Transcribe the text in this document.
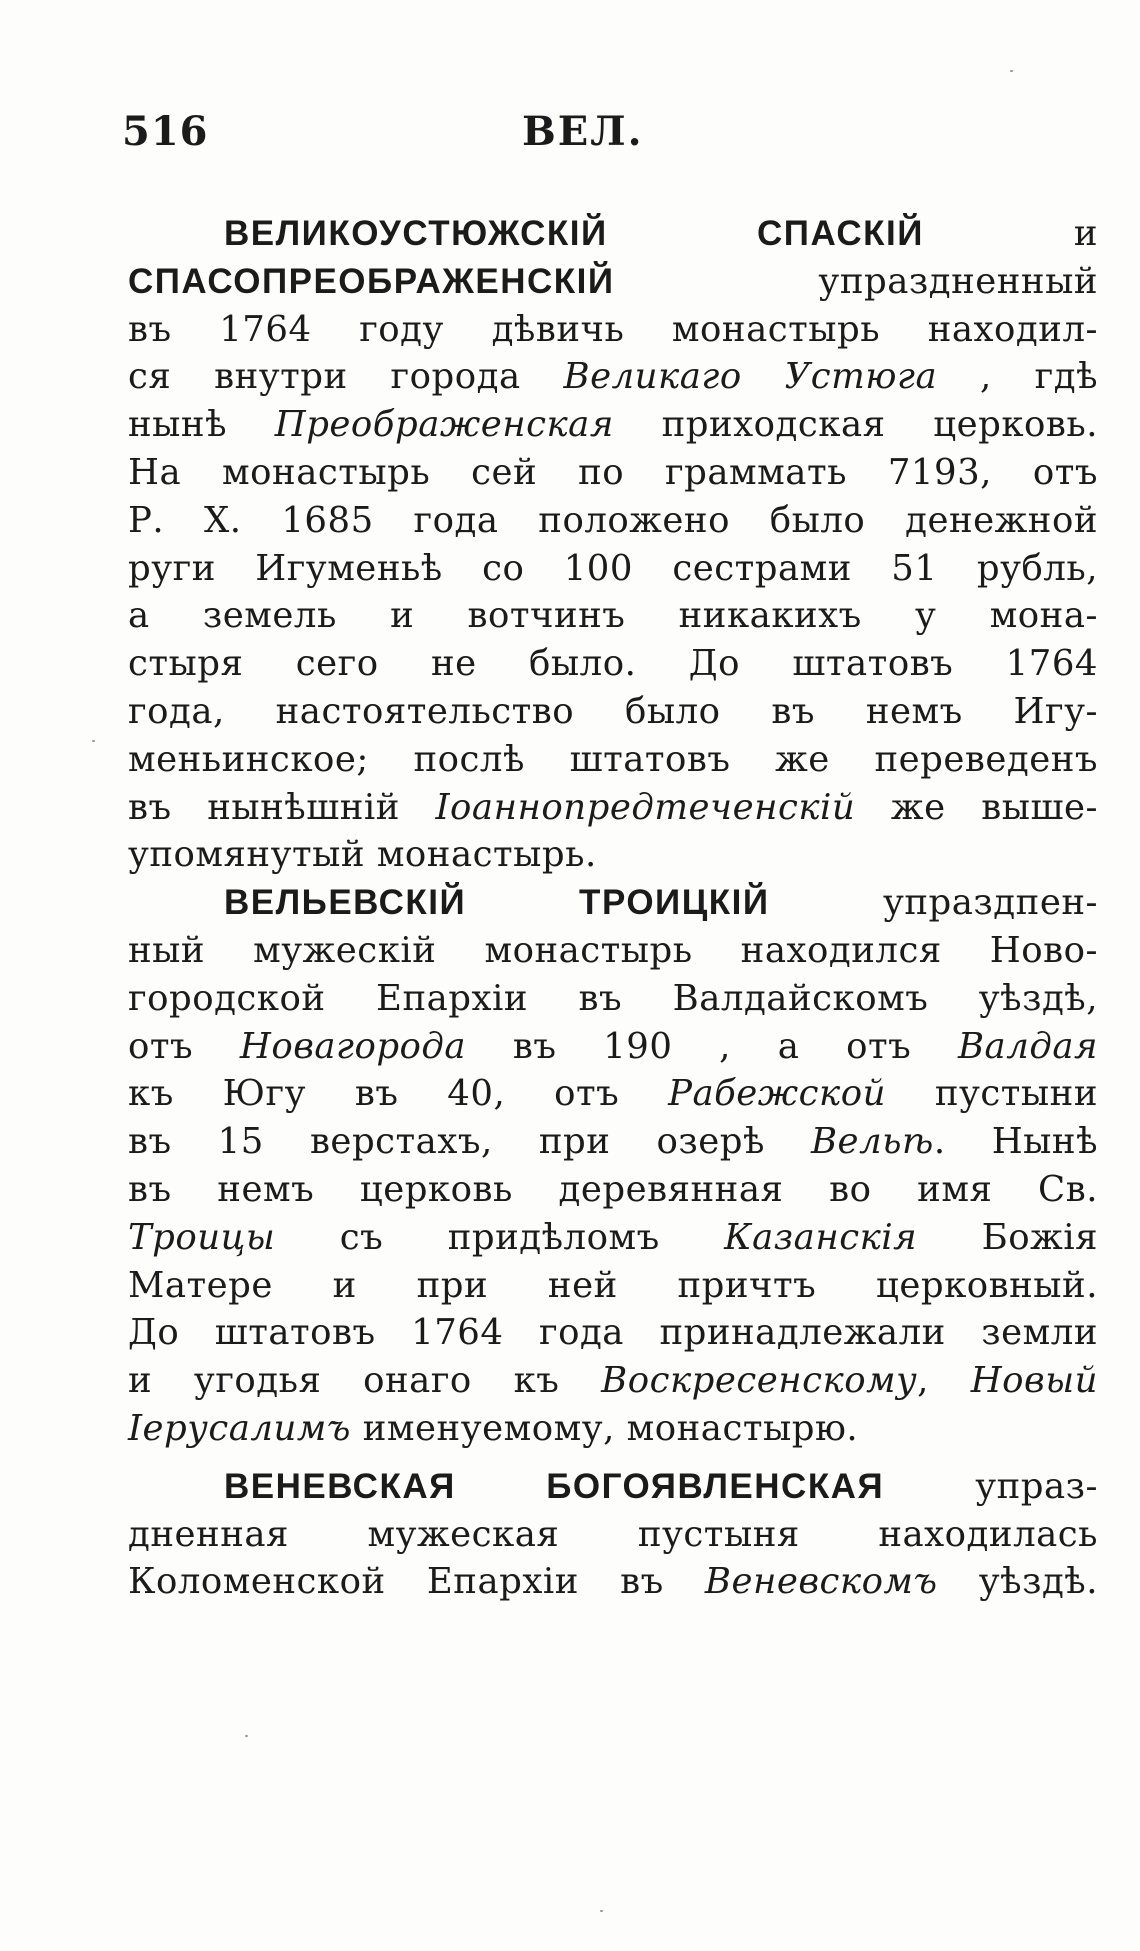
516	ВЕЛ.
ВЕЛИКОУСТЮЖСКІЙ СПАСКІЙ и
СПАСОПРЕОБРАЖЕНСКІЙ упраздненный
въ 1764 году дѣвичь монастырь находил-
ся внутри города Великаго Устюга , гдѣ
нынѣ Преображенская приходская церковь.
На монастырь сей по граммать 7193, отъ
Р. Х. 1685 года положено было денежной
руги Игуменьѣ со 100 сестрами 51 рубль,
а земель и вотчинъ никакихъ у мона-
стыря сего не было. До штатовъ 1764
года, настоятельство было въ немъ Игу-
меньинское; послѣ штатовъ же переведенъ
въ нынѣшній Іоаннопредтеченскій же выше-
упомянутый монастырь.
ВЕЛЬЕВСКІЙ ТРОИЦКІЙ упраздпен-
ный мужескій монастырь находился Ново-
городской Епархіи въ Валдайскомъ уѣздѣ,
отъ Новагорода въ 190 , а отъ Валдая
къ Югу въ 40, отъ Рабежской пустыни
въ 15 верстахъ, при озерѣ Вельѣ. Нынѣ
въ немъ церковь деревянная во имя Св.
Троицы съ придѣломъ Казанскія Божія
Матере и при ней причтъ церковный.
До штатовъ 1764 года принадлежали земли
и угодья онаго къ Воскресенскому, Новый
Іерусалимъ именуемому, монастырю.
ВЕНЕВСКАЯ БОГОЯВЛЕНСКАЯ упраз-
дненная мужеская пустыня находилась
Коломенской Епархіи въ Веневскомъ уѣздѣ.
